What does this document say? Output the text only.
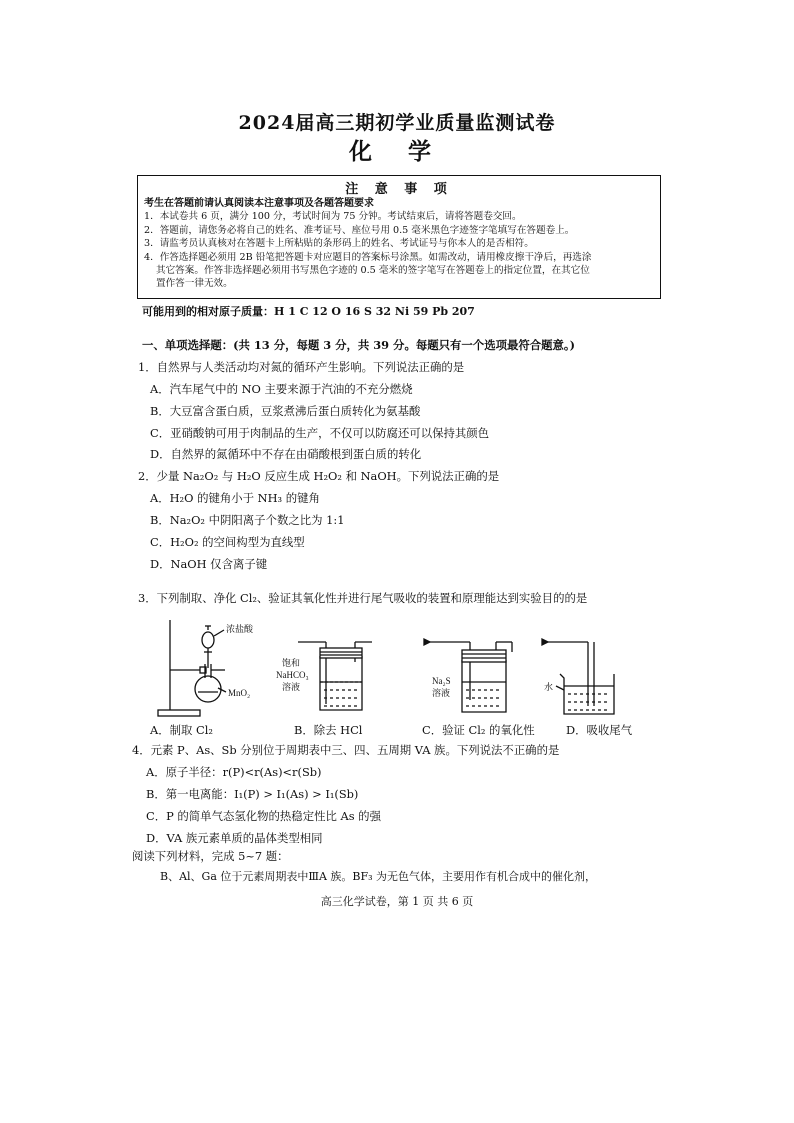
2024届高三期初学业质量监测试卷
化 学
注 意 事 项
考生在答题前请认真阅读本注意事项及各题答题要求
1．本试卷共 6 页，满分 100 分，考试时间为 75 分钟。考试结束后，请将答题卷交回。
2．答题前，请您务必将自己的姓名、准考证号、座位号用 0.5 毫米黑色字迹签字笔填写在答题卷上。
3．请监考员认真核对在答题卡上所粘贴的条形码上的姓名、考试证号与你本人的是否相符。
4．作答选择题必须用 2B 铅笔把答题卡对应题目的答案标号涂黑。如需改动，请用橡皮擦干净后，再选涂
其它答案。作答非选择题必须用书写黑色字迹的 0.5 毫米的签字笔写在答题卷上的指定位置，在其它位
置作答一律无效。
可能用到的相对原子质量：H 1 C 12 O 16 S 32 Ni 59 Pb 207
一、单项选择题：(共 13 分，每题 3 分，共 39 分。每题只有一个选项最符合题意。)
1．自然界与人类活动均对氮的循环产生影响。下列说法正确的是
A．汽车尾气中的 NO 主要来源于汽油的不充分燃烧
B．大豆富含蛋白质，豆浆煮沸后蛋白质转化为氨基酸
C．亚硝酸钠可用于肉制品的生产，不仅可以防腐还可以保持其颜色
D．自然界的氮循环中不存在由硝酸根到蛋白质的转化
2．少量 Na₂O₂ 与 H₂O 反应生成 H₂O₂ 和 NaOH。下列说法正确的是
A．H₂O 的键角小于 NH₃ 的键角
B．Na₂O₂ 中阴阳离子个数之比为 1:1
C．H₂O₂ 的空间构型为直线型
D．NaOH 仅含离子键
3．下列制取、净化 Cl₂、验证其氧化性并进行尾气吸收的装置和原理能达到实验目的的是
浓盐酸
MnO₂
饱和
NaHCO₃
溶液
Na₂S
溶液
水
A．制取 Cl₂	B．除去 HCl	C．验证 Cl₂ 的氧化性	D．吸收尾气
4．元素 P、As、Sb 分别位于周期表中三、四、五周期 VA 族。下列说法不正确的是
A．原子半径：r(P)<r(As)<r(Sb)
B．第一电离能：I₁(P) > I₁(As) > I₁(Sb)
C．P 的简单气态氢化物的热稳定性比 As 的强
D．VA 族元素单质的晶体类型相同
阅读下列材料，完成 5~7 题：
B、Al、Ga 位于元素周期表中ⅢA 族。BF₃ 为无色气体，主要用作有机合成中的催化剂，
高三化学试卷，第 1 页 共 6 页
